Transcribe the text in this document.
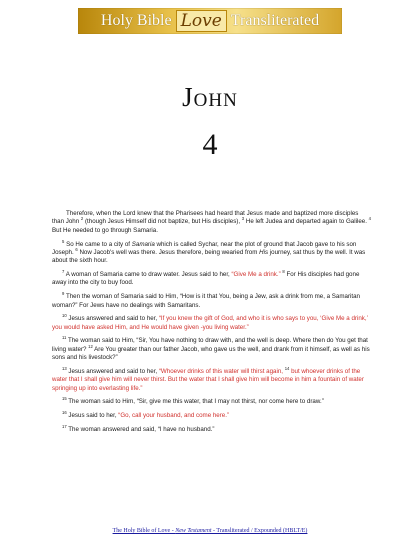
Holy Bible Love Transliterated
John
4

Therefore, when the Lord knew that the Pharisees had heard that Jesus made and baptized more disciples than John $^2$ (though Jesus Himself did not baptize, but His disciples), $^3$ He left Judea and departed again to Galilee. $^4$ But He needed to go through Samaria.

$^5$ So He came to a city of Samaria which is called Sychar, near the plot of ground that Jacob gave to his son Joseph. $^6$ Now Jacob's well was there. Jesus therefore, being wearied from His journey, sat thus by the well. It was about the sixth hour.

$^7$ A woman of Samaria came to draw water. Jesus said to her, “Give Me a drink.” $^8$ For His disciples had gone away into the city to buy food.

$^9$ Then the woman of Samaria said to Him, “How is it that You, being a Jew, ask a drink from me, a Samaritan woman?” For Jews have no dealings with Samaritans.

$^{10}$ Jesus answered and said to her, “If you knew the gift of God, and who it is who says to you, ‘Give Me a drink,’ you would have asked Him, and He would have given -you living water.”

$^{11}$ The woman said to Him, “Sir, You have nothing to draw with, and the well is deep. Where then do You get that living water? $^{12}$ Are You greater than our father Jacob, who gave us the well, and drank from it himself, as well as his sons and his livestock?”

$^{13}$ Jesus answered and said to her, “Whoever drinks of this water will thirst again, $^{14}$ but whoever drinks of the water that I shall give him will never thirst. But the water that I shall give him will become in him a fountain of water springing up into everlasting life.”

$^{15}$ The woman said to Him, “Sir, give me this water, that I may not thirst, nor come here to draw.”

$^{16}$ Jesus said to her, “Go, call your husband, and come here.”

$^{17}$ The woman answered and said, “I have no husband.”

The Holy Bible of Love - New Testament - Transliterated / Expounded (HBLT/E)
